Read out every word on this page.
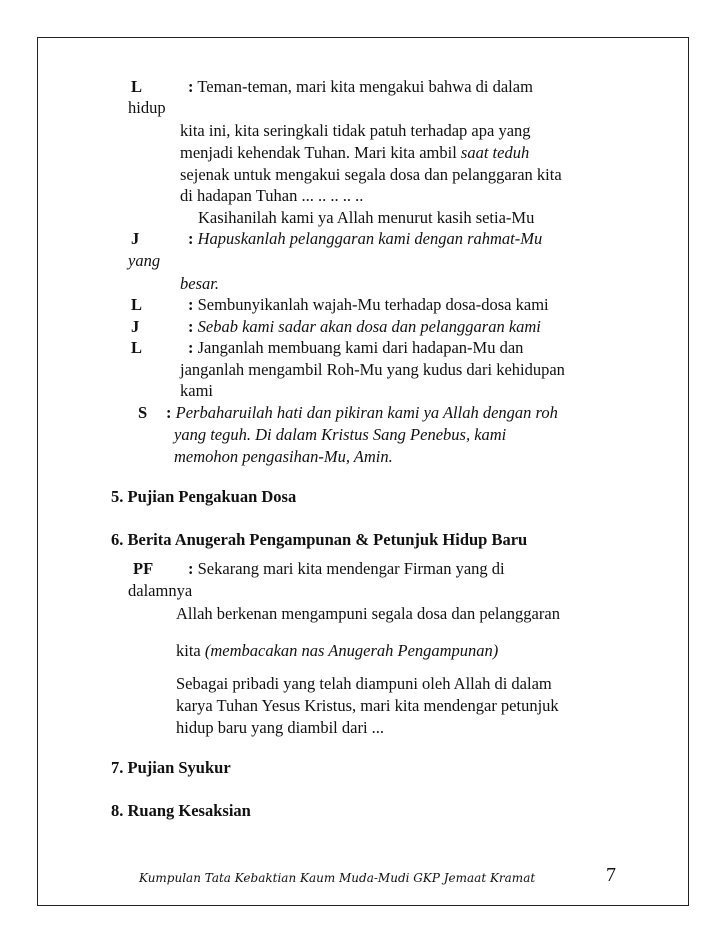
L	: Teman-teman, mari kita mengakui bahwa di dalam
hidup
kita ini, kita seringkali tidak patuh terhadap apa yang
menjadi kehendak Tuhan. Mari kita ambil saat teduh
sejenak untuk mengakui segala dosa dan pelanggaran kita
di hadapan Tuhan ... .. .. .. ..
Kasihanilah kami ya Allah menurut kasih setia-Mu
J	: Hapuskanlah pelanggaran kami dengan rahmat-Mu
yang
besar.
L	: Sembunyikanlah wajah-Mu terhadap dosa-dosa kami
J	: Sebab kami sadar akan dosa dan pelanggaran kami
L	: Janganlah membuang kami dari hadapan-Mu dan
janganlah mengambil Roh-Mu yang kudus dari kehidupan
kami
S : Perbaharuilah hati dan pikiran kami ya Allah dengan roh
yang teguh. Di dalam Kristus Sang Penebus, kami
memohon pengasihan-Mu, Amin.
5. Pujian Pengakuan Dosa
6. Berita Anugerah Pengampunan & Petunjuk Hidup Baru
PF : Sekarang mari kita mendengar Firman yang di
dalamnya
Allah berkenan mengampuni segala dosa dan pelanggaran
kita (membacakan nas Anugerah Pengampunan)
Sebagai pribadi yang telah diampuni oleh Allah di dalam
karya Tuhan Yesus Kristus, mari kita mendengar petunjuk
hidup baru yang diambil dari ...
7. Pujian Syukur
8. Ruang Kesaksian
Kumpulan Tata Kebaktian Kaum Muda-Mudi GKP Jemaat Kramat	7
